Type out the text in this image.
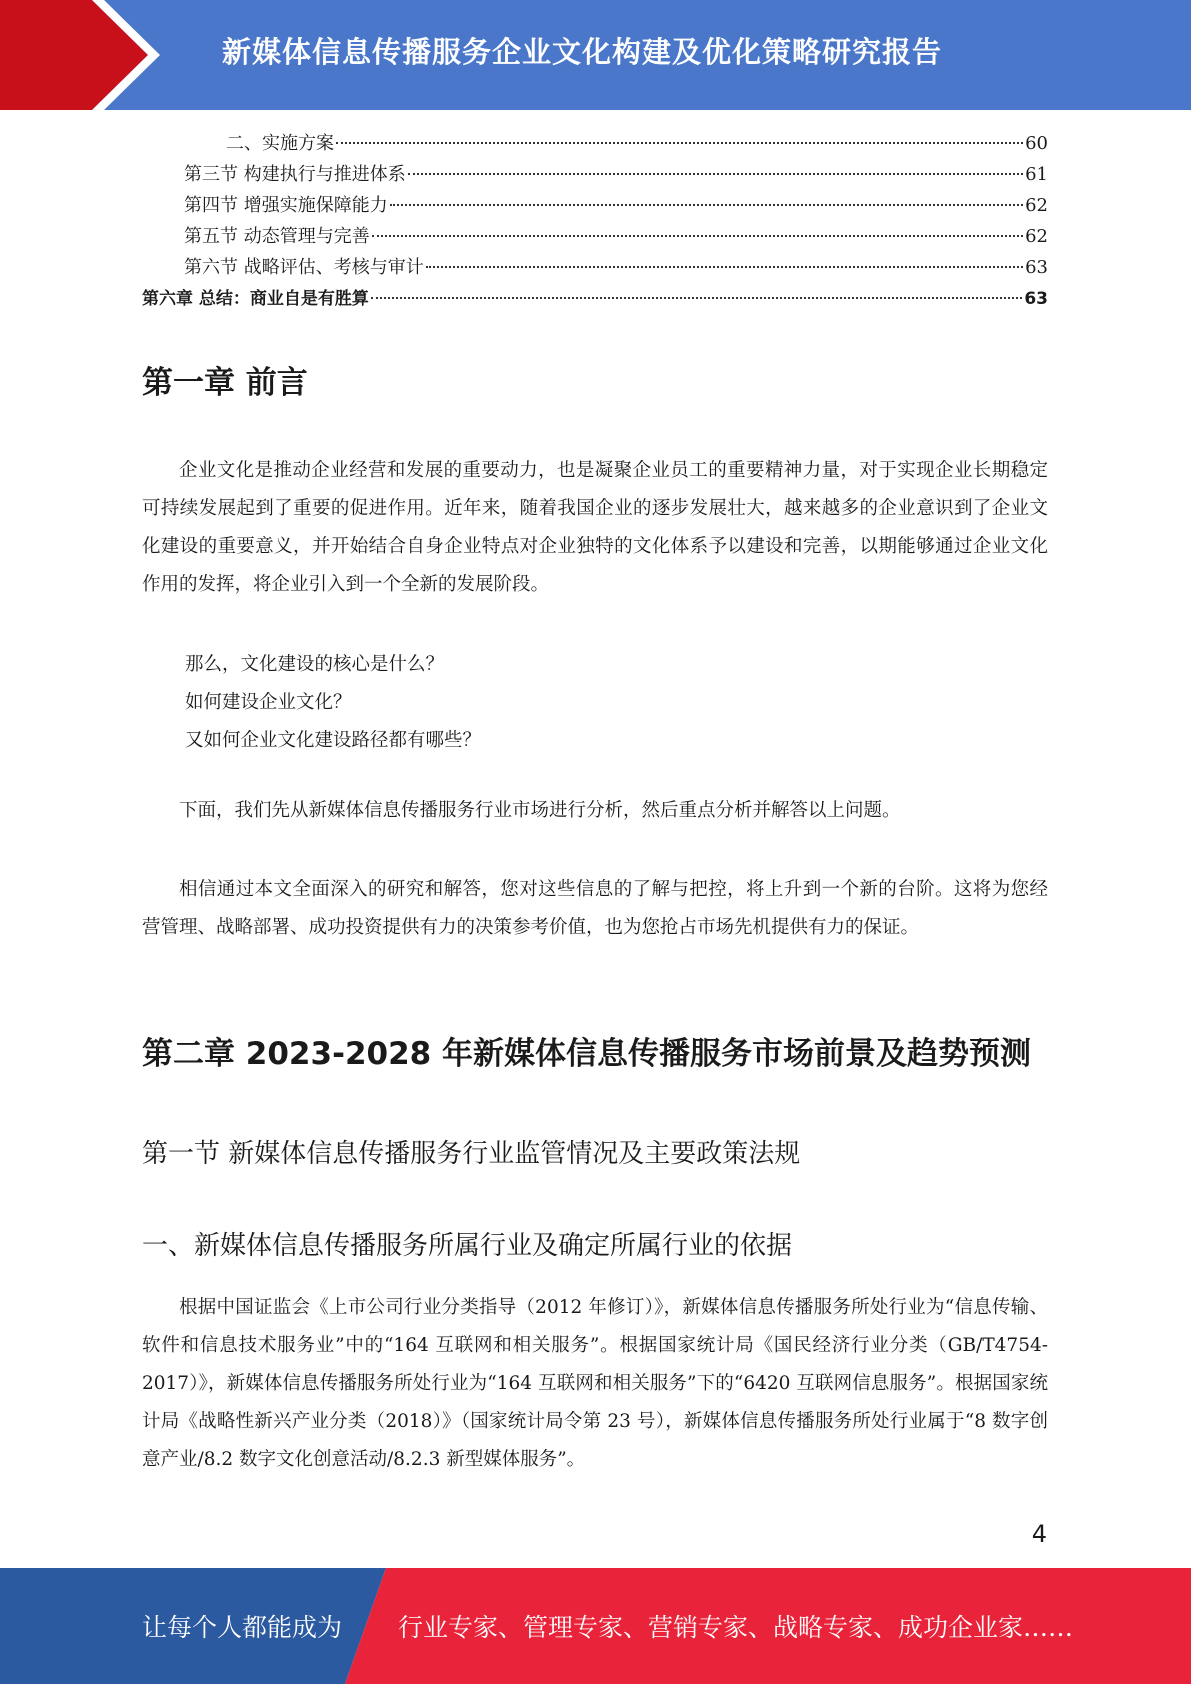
新媒体信息传播服务企业文化构建及优化策略研究报告
二、实施方案	60
第三节 构建执行与推进体系	61
第四节 增强实施保障能力	62
第五节 动态管理与完善	62
第六节 战略评估、考核与审计	63
第六章 总结：商业自是有胜算	63
第一章 前言

企业文化是推动企业经营和发展的重要动力，也是凝聚企业员工的重要精神力量，对于实现企业长期稳定可持续发展起到了重要的促进作用。近年来，随着我国企业的逐步发展壮大，越来越多的企业意识到了企业文化建设的重要意义，并开始结合自身企业特点对企业独特的文化体系予以建设和完善，以期能够通过企业文化作用的发挥，将企业引入到一个全新的发展阶段。

那么，文化建设的核心是什么？

如何建设企业文化？

又如何企业文化建设路径都有哪些？

下面，我们先从新媒体信息传播服务行业市场进行分析，然后重点分析并解答以上问题。

相信通过本文全面深入的研究和解答，您对这些信息的了解与把控，将上升到一个新的台阶。这将为您经营管理、战略部署、成功投资提供有力的决策参考价值，也为您抢占市场先机提供有力的保证。

第二章 2023-2028 年新媒体信息传播服务市场前景及趋势预测
第一节 新媒体信息传播服务行业监管情况及主要政策法规
一、新媒体信息传播服务所属行业及确定所属行业的依据

根据中国证监会《上市公司行业分类指导（2012 年修订）》，新媒体信息传播服务所处行业为“信息传输、软件和信息技术服务业”中的“164 互联网和相关服务”。根据国家统计局《国民经济行业分类（GB/T4754-2017）》，新媒体信息传播服务所处行业为“164 互联网和相关服务”下的“6420 互联网信息服务”。根据国家统计局《战略性新兴产业分类（2018）》（国家统计局令第 23 号），新媒体信息传播服务所处行业属于“8 数字创意产业/8.2 数字文化创意活动/8.2.3 新型媒体服务”。

4
让每个人都能成为 行业专家、管理专家、营销专家、战略专家、成功企业家……
